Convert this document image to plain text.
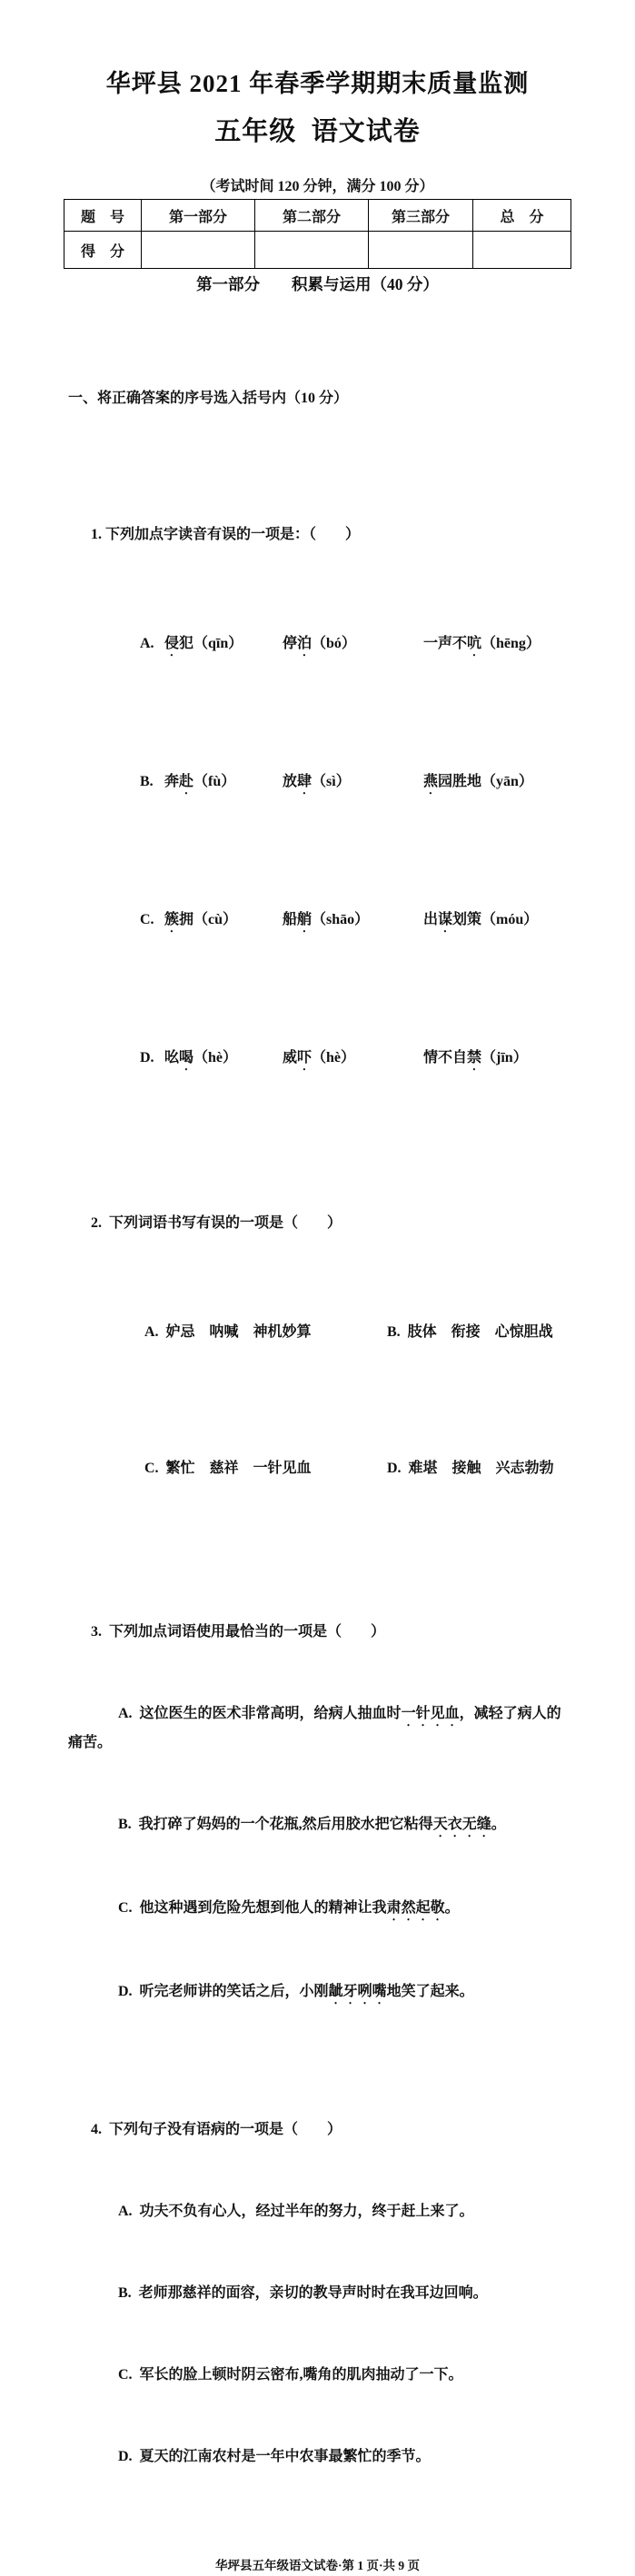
华坪县 2021 年春季学期期末质量监测
五年级  语文试卷
（考试时间 120 分钟，满分 100 分）
题　号	第一部分	第二部分	第三部分	总　分
得　分				
第一部分　　积累与运用（40 分）

一、将正确答案的序号选入括号内（10 分）

1. 下列加点字读音有误的一项是：（　　）

A. 侵犯（qīn）	停泊（bó）	一声不吭（hēng）

B. 奔赴（fù）	放肆（sì）	燕园胜地（yān）

C. 簇拥（cù）	船艄（shāo）	出谋划策（móu）

D. 吆喝（hè）	威吓（hè）	情不自禁（jīn）

2.  下列词语书写有误的一项是（　　）

A.  妒忌　呐喊　神机妙算	B.  肢体　衔接　心惊胆战

C.  繁忙　慈祥　一针见血	D.  难堪　接触　兴志勃勃

3.  下列加点词语使用最恰当的一项是（　　）

A.  这位医生的医术非常高明，给病人抽血时一针见血，减轻了病人的痛苦。

B.  我打碎了妈妈的一个花瓶,然后用胶水把它粘得天衣无缝。

C.  他这种遇到危险先想到他人的精神让我肃然起敬。

D.  听完老师讲的笑话之后，小刚龇牙咧嘴地笑了起来。

4.  下列句子没有语病的一项是（　　）

A.  功夫不负有心人，经过半年的努力，终于赶上来了。

B.  老师那慈祥的面容，亲切的教导声时时在我耳边回响。

C.  军长的脸上顿时阴云密布,嘴角的肌肉抽动了一下。

D.  夏天的江南农村是一年中农事最繁忙的季节。

华坪县五年级语文试卷·第 1 页·共 9 页
